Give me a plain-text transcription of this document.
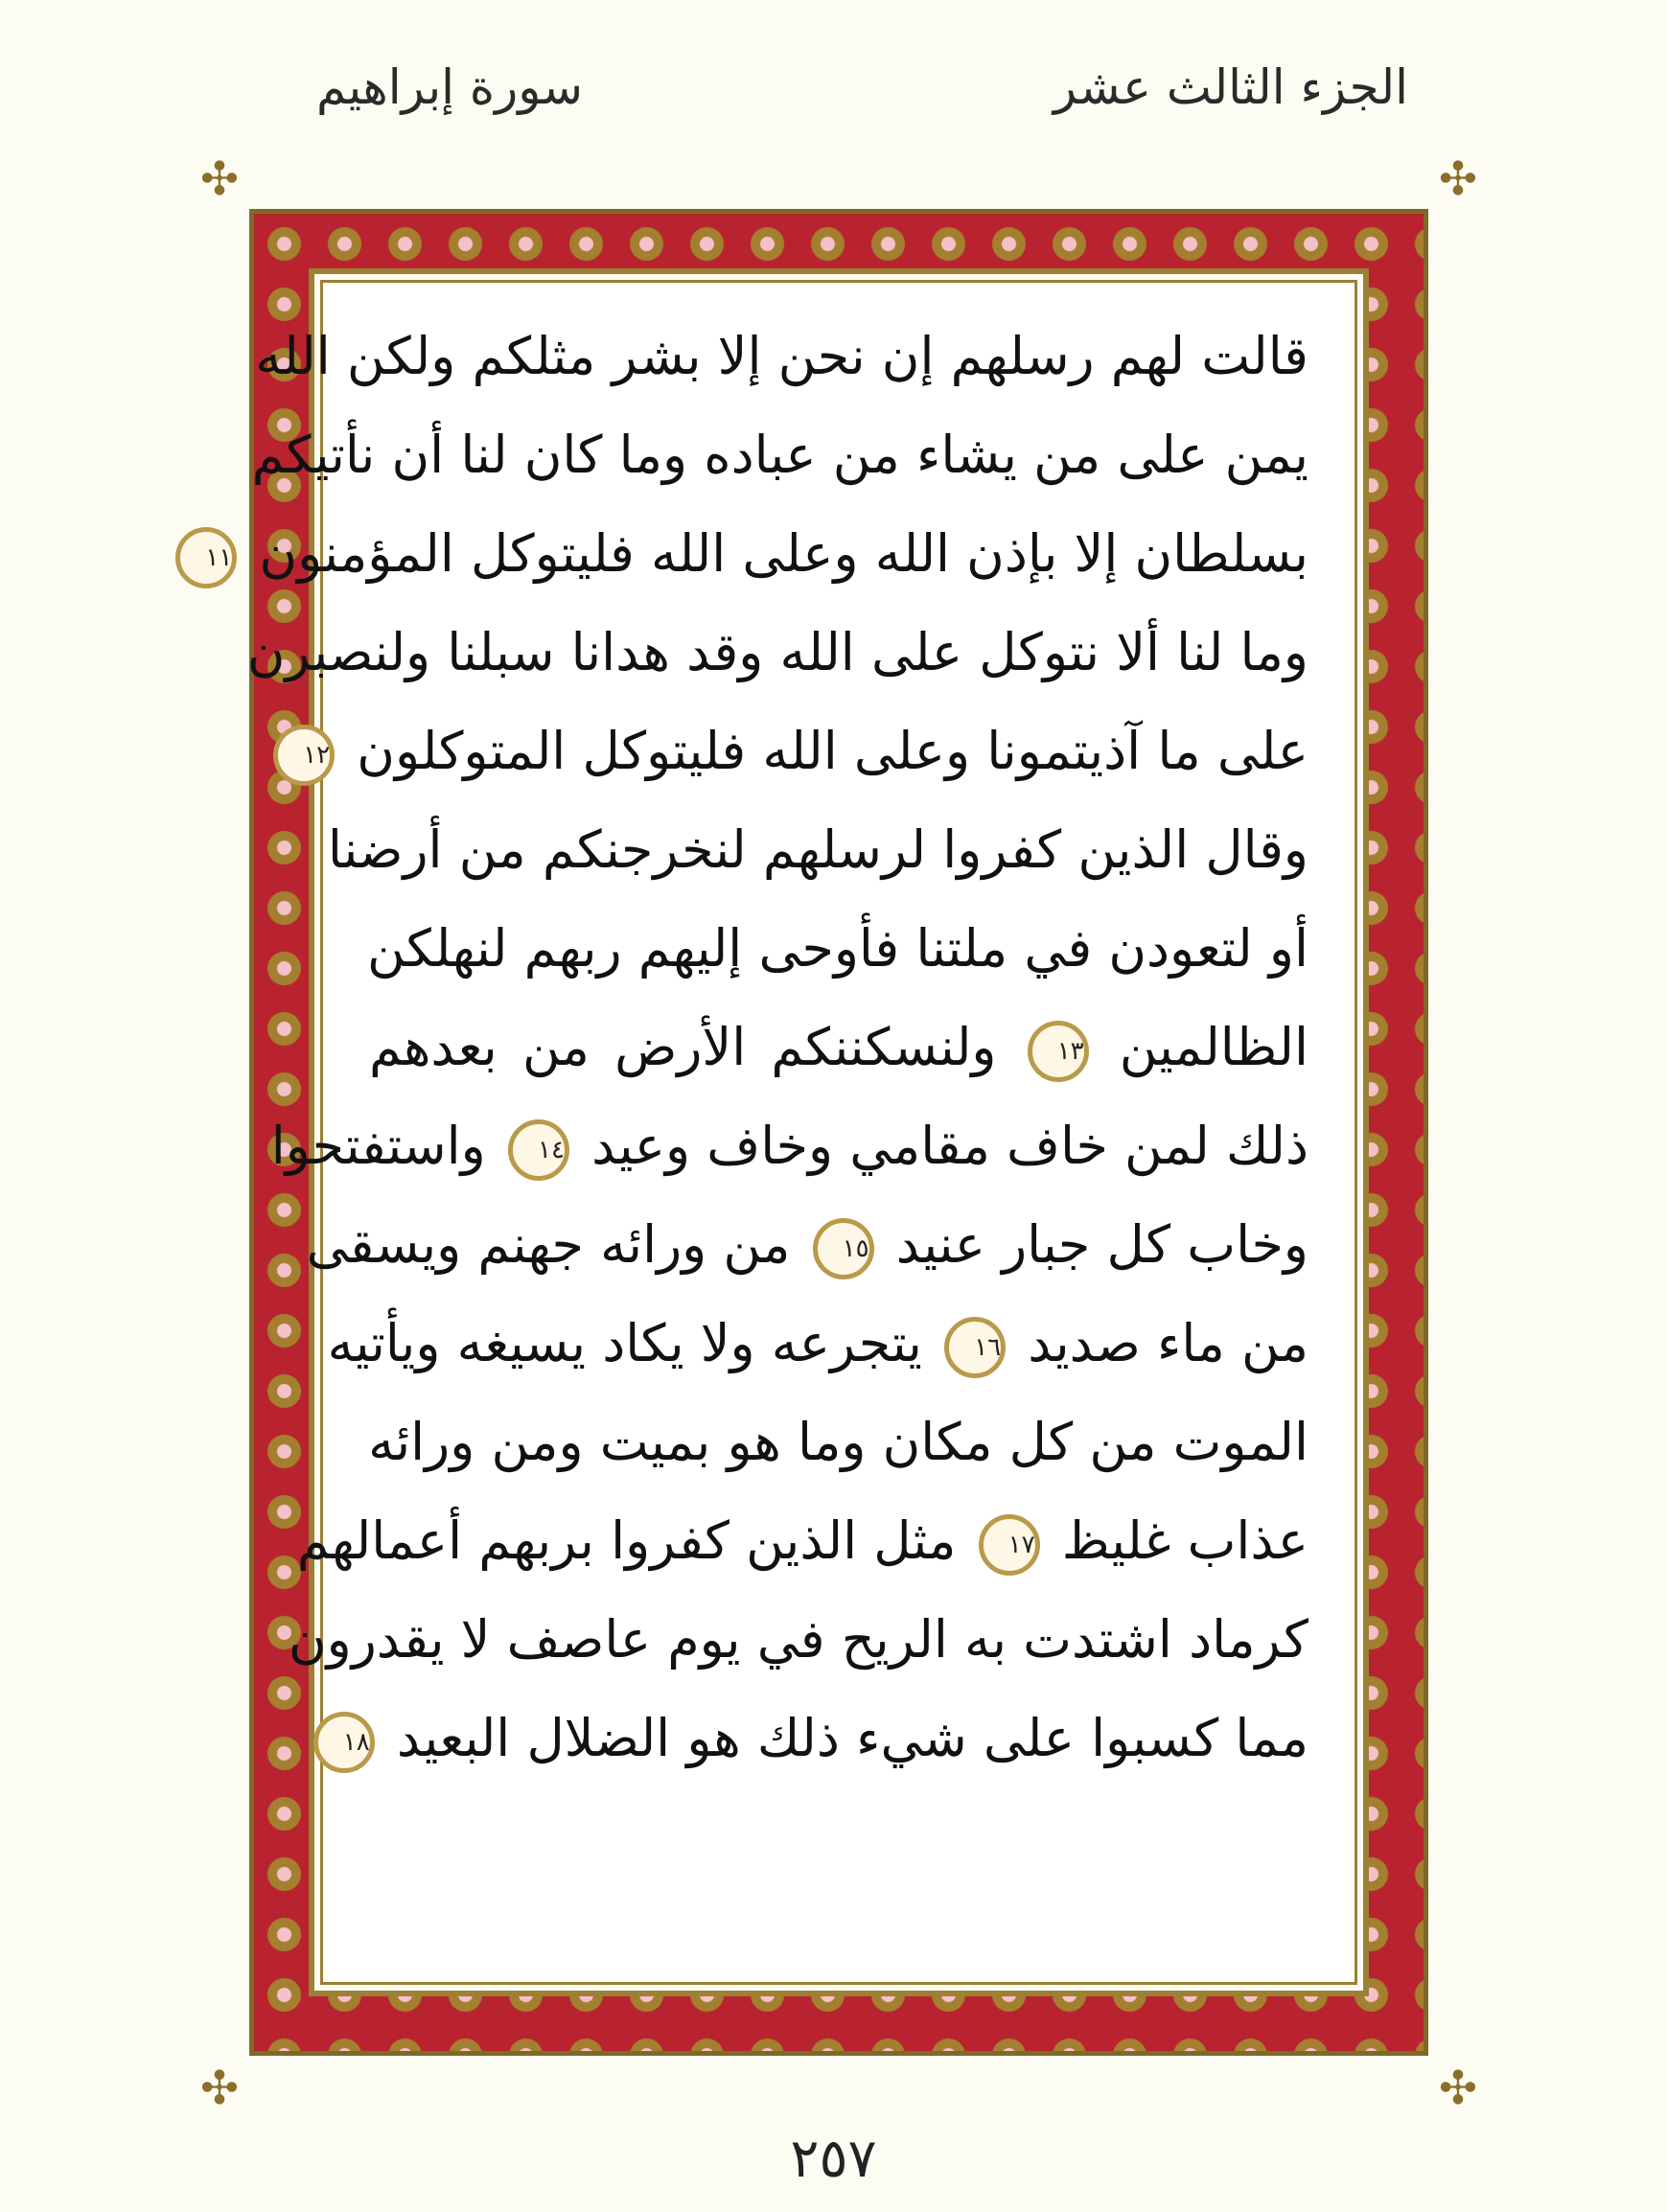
الجزء الثالث عشر
سورة إبراهيم
✣	✣
✣	✣
قالت لهم رسلهم إن نحن إلا بشر مثلكم ولكن الله
يمن على من يشاء من عباده وما كان لنا أن نأتيكم
بسلطان إلا بإذن الله وعلى الله فليتوكل المؤمنون ١١
وما لنا ألا نتوكل على الله وقد هدانا سبلنا ولنصبرن
على ما آذيتمونا وعلى الله فليتوكل المتوكلون ١٢
وقال الذين كفروا لرسلهم لنخرجنكم من أرضنا
أو لتعودن في ملتنا فأوحى إليهم ربهم لنهلكن
الظالمين ١٣ ولنسكننكم الأرض من بعدهم
ذلك لمن خاف مقامي وخاف وعيد ١٤ واستفتحوا
وخاب كل جبار عنيد ١٥ من ورائه جهنم ويسقى
من ماء صديد ١٦ يتجرعه ولا يكاد يسيغه ويأتيه
الموت من كل مكان وما هو بميت ومن ورائه
عذاب غليظ ١٧ مثل الذين كفروا بربهم أعمالهم
كرماد اشتدت به الريح في يوم عاصف لا يقدرون
مما كسبوا على شيء ذلك هو الضلال البعيد ١٨
٢٥٧
